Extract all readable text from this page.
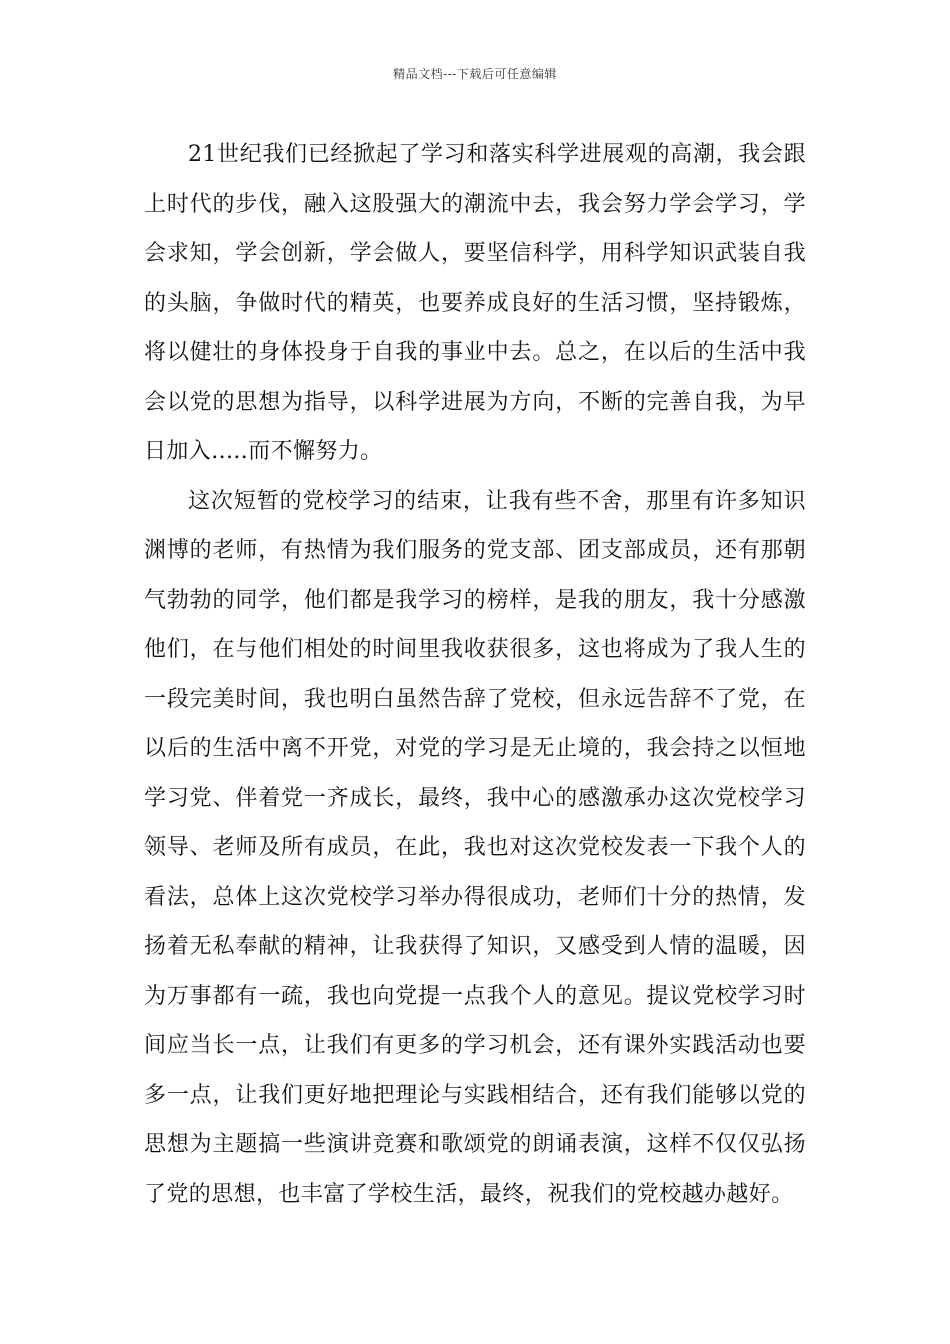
精品文档---下载后可任意编辑

21世纪我们已经掀起了学习和落实科学进展观的高潮，我会跟上时代的步伐，融入这股强大的潮流中去，我会努力学会学习，学会求知，学会创新，学会做人，要坚信科学，用科学知识武装自我的头脑，争做时代的精英，也要养成良好的生活习惯，坚持锻炼，将以健壮的身体投身于自我的事业中去。总之，在以后的生活中我会以党的思想为指导，以科学进展为方向，不断的完善自我，为早日加入.....而不懈努力。

这次短暂的党校学习的结束，让我有些不舍，那里有许多知识渊博的老师，有热情为我们服务的党支部、团支部成员，还有那朝气勃勃的同学，他们都是我学习的榜样，是我的朋友，我十分感激他们，在与他们相处的时间里我收获很多，这也将成为了我人生的一段完美时间，我也明白虽然告辞了党校，但永远告辞不了党，在以后的生活中离不开党，对党的学习是无止境的，我会持之以恒地学习党、伴着党一齐成长，最终，我中心的感激承办这次党校学习领导、老师及所有成员，在此，我也对这次党校发表一下我个人的看法，总体上这次党校学习举办得很成功，老师们十分的热情，发扬着无私奉献的精神，让我获得了知识，又感受到人情的温暖，因为万事都有一疏，我也向党提一点我个人的意见。提议党校学习时间应当长一点，让我们有更多的学习机会，还有课外实践活动也要多一点，让我们更好地把理论与实践相结合，还有我们能够以党的思想为主题搞一些演讲竞赛和歌颂党的朗诵表演，这样不仅仅弘扬了党的思想，也丰富了学校生活，最终，祝我们的党校越办越好。
